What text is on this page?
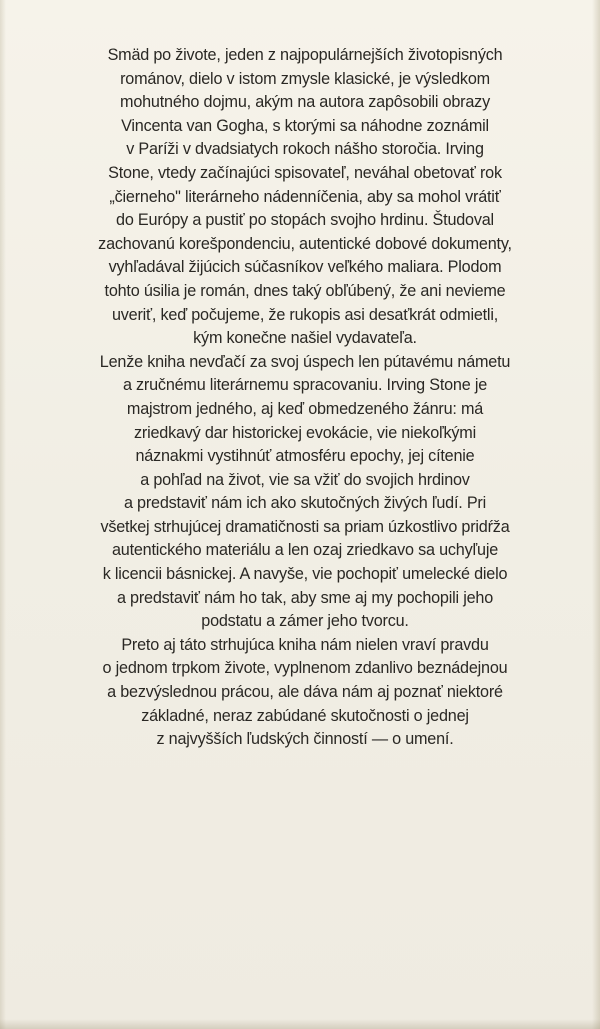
Smäd po živote, jeden z najpopulárnejších životopisných
románov, dielo v istom zmysle klasické, je výsledkom
mohutného dojmu, akým na autora zapôsobili obrazy
Vincenta van Gogha, s ktorými sa náhodne zoznámil
v Paríži v dvadsiatych rokoch nášho storočia. Irving
Stone, vtedy začínajúci spisovateľ, neváhal obetovať rok
„čierneho" literárneho nádenníčenia, aby sa mohol vrátiť
do Európy a pustiť po stopách svojho hrdinu. Študoval
zachovanú korešpondenciu, autentické dobové dokumenty,
vyhľadával žijúcich súčasníkov veľkého maliara. Plodom
tohto úsilia je román, dnes taký obľúbený, že ani nevieme
uveriť, keď počujeme, že rukopis asi desaťkrát odmietli,
kým konečne našiel vydavateľa.
Lenže kniha nevďačí za svoj úspech len pútavému námetu
a zručnému literárnemu spracovaniu. Irving Stone je
majstrom jedného, aj keď obmedzeného žánru: má
zriedkavý dar historickej evokácie, vie niekoľkými
náznakmi vystihnúť atmosféru epochy, jej cítenie
a pohľad na život, vie sa vžiť do svojich hrdinov
a predstaviť nám ich ako skutočných živých ľudí. Pri
všetkej strhujúcej dramatičnosti sa priam úzkostlivo pridŕža
autentického materiálu a len ozaj zriedkavo sa uchyľuje
k licencii básnickej. A navyše, vie pochopiť umelecké dielo
a predstaviť nám ho tak, aby sme aj my pochopili jeho
podstatu a zámer jeho tvorcu.
Preto aj táto strhujúca kniha nám nielen vraví pravdu
o jednom trpkom živote, vyplnenom zdanlivo beznádejnou
a bezvýslednou prácou, ale dáva nám aj poznať niektoré
základné, neraz zabúdané skutočnosti o jednej
z najvyšších ľudských činností — o umení.
